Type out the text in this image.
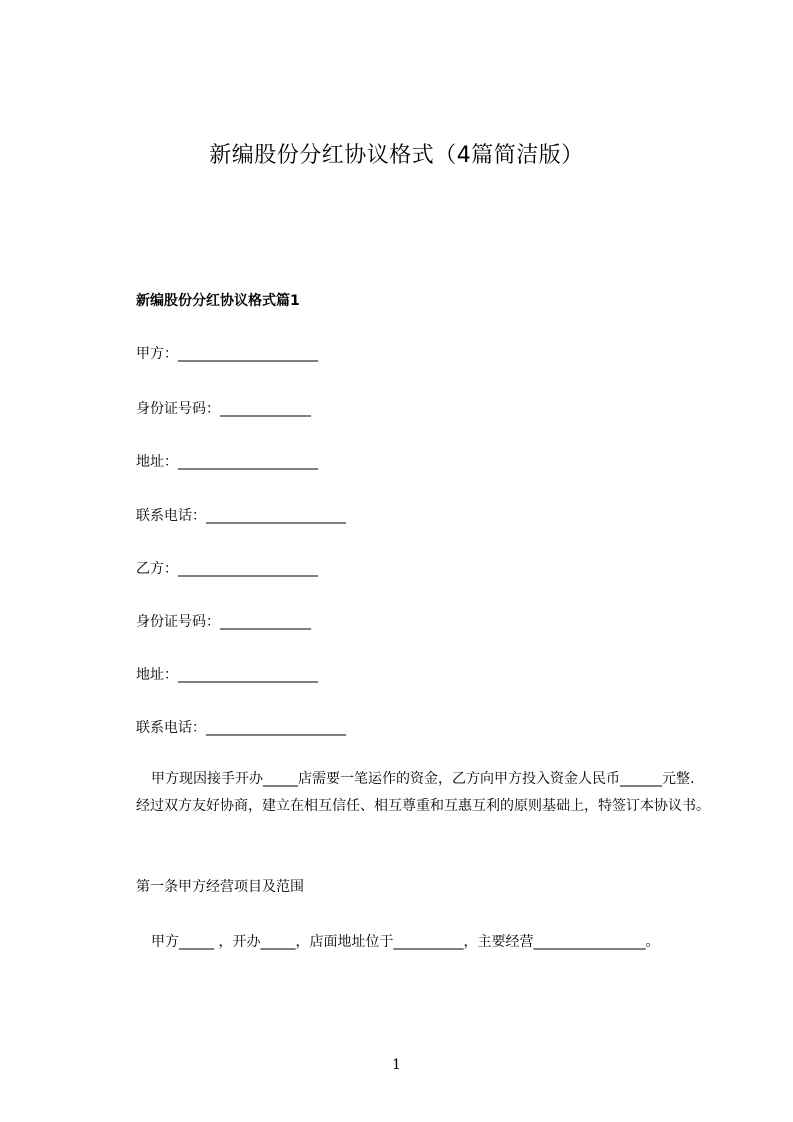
新编股份分红协议格式（4篇简洁版）
新编股份分红协议格式篇1
甲方：____________________
身份证号码：_____________
地址：____________________
联系电话：____________________
乙方：____________________
身份证号码：_____________
地址：____________________
联系电话：____________________
　甲方现因接手开办_____店需要一笔运作的资金，乙方向甲方投入资金人民币______元整. 经过双方友好协商，建立在相互信任、相互尊重和互惠互利的原则基础上，特签订本协议书。
第一条甲方经营项目及范围
　甲方_____ ，开办_____，店面地址位于__________，主要经营________________。
1
